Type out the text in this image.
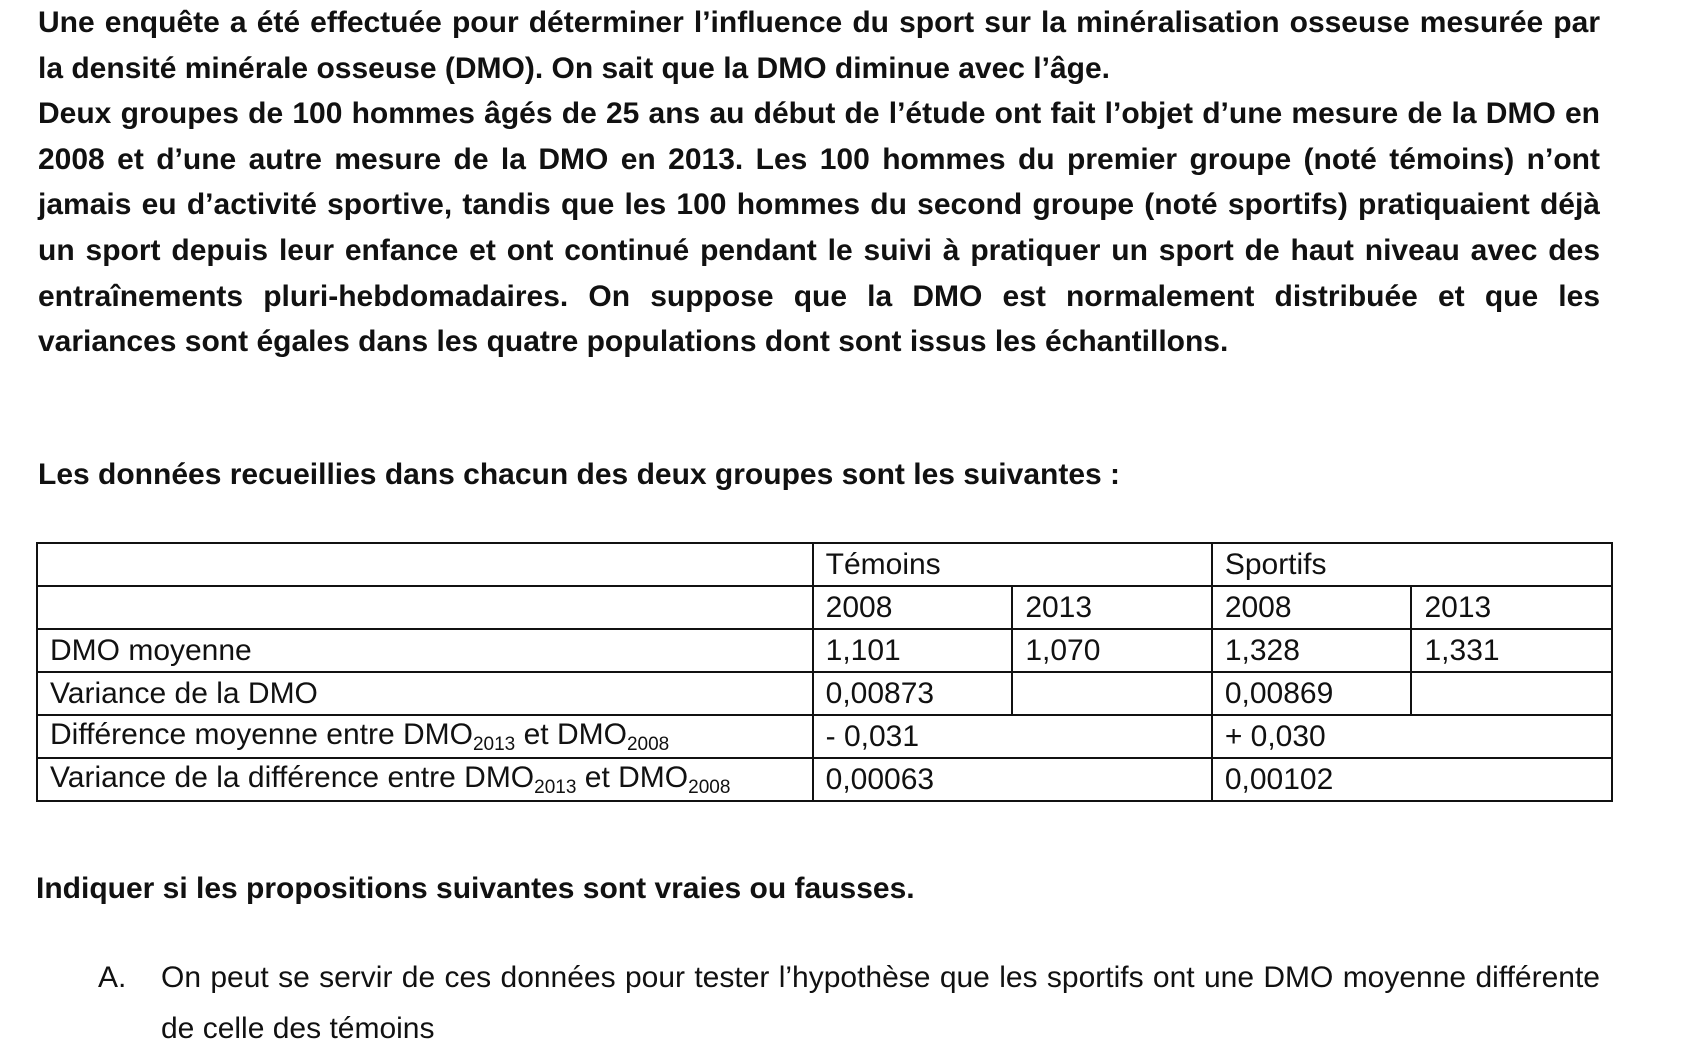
Une enquête a été effectuée pour déterminer l’influence du sport sur la minéralisation osseuse mesurée par la densité minérale osseuse (DMO). On sait que la DMO diminue avec l’âge.

Deux groupes de 100 hommes âgés de 25 ans au début de l’étude ont fait l’objet d’une mesure de la DMO en 2008 et d’une autre mesure de la DMO en 2013. Les 100 hommes du premier groupe (noté témoins) n’ont jamais eu d’activité sportive, tandis que les 100 hommes du second groupe (noté sportifs) pratiquaient déjà un sport depuis leur enfance et ont continué pendant le suivi à pratiquer un sport de haut niveau avec des entraînements pluri-hebdomadaires. On suppose que la DMO est normalement distribuée et que les variances sont égales dans les quatre populations dont sont issus les échantillons.

Les données recueillies dans chacun des deux groupes sont les suivantes :

	Témoins		Sportifs	
	2008	2013	2008	2013
DMO moyenne	1,101	1,070	1,328	1,331
Variance de la DMO	0,00873		0,00869	
Différence moyenne entre $DMO_{2013}$ et $DMO_{2008}$	- 0,031		+ 0,030	
Variance de la différence entre $DMO_{2013}$ et $DMO_{2008}$	0,00063		0,00102	

Indiquer si les propositions suivantes sont vraies ou fausses.

A. On peut se servir de ces données pour tester l’hypothèse que les sportifs ont une DMO moyenne différente de celle des témoins
